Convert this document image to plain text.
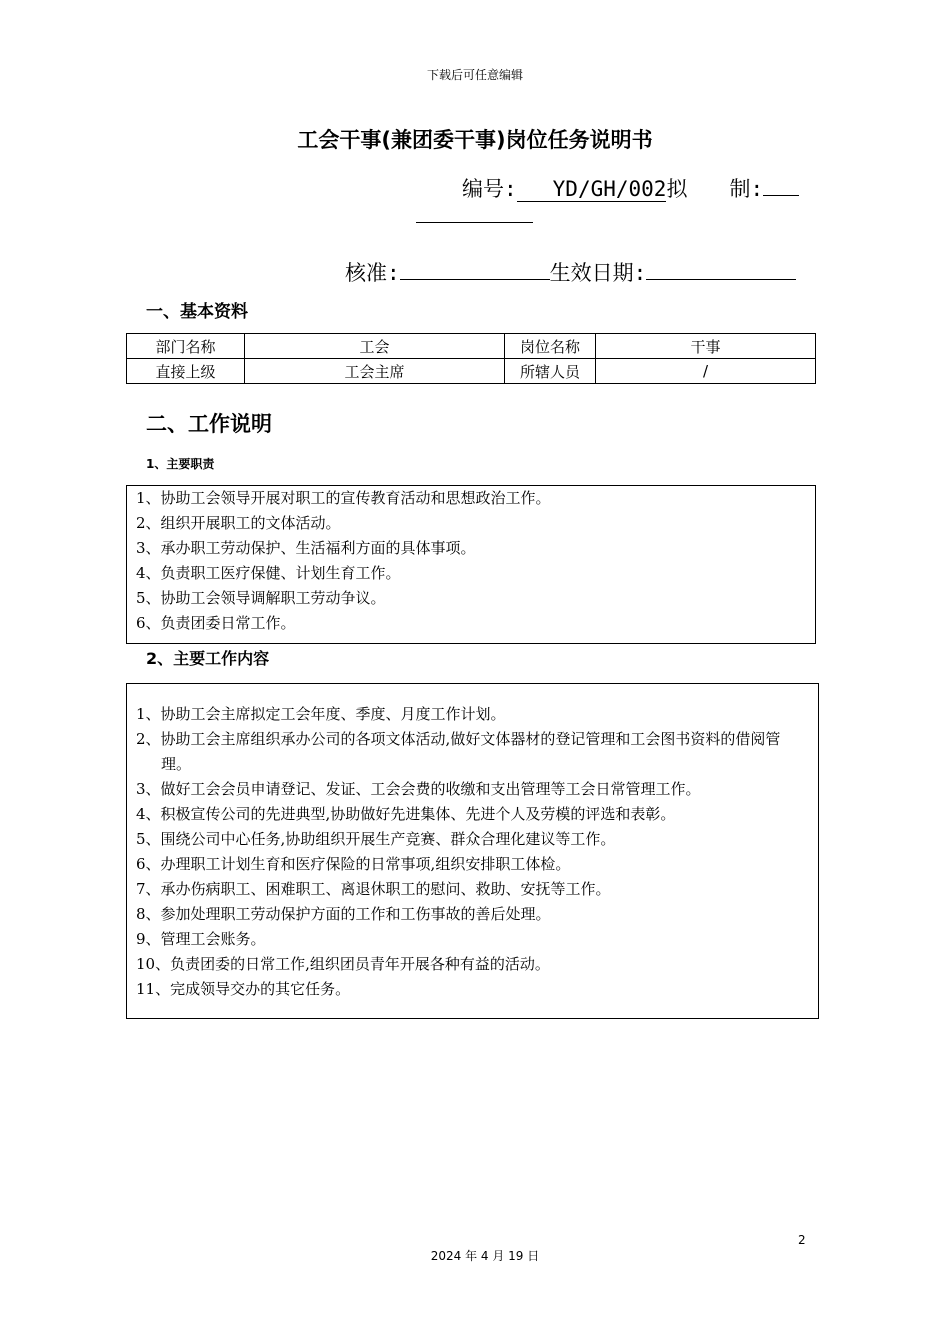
下载后可任意编辑
工会干事(兼团委干事)岗位任务说明书
编号: YD/GH/002拟　　制:
核准:	生效日期:
一、基本资料
部门名称	工会	岗位名称	干事
直接上级	工会主席	所辖人员	/
二、工作说明
1、主要职责
1、协助工会领导开展对职工的宣传教育活动和思想政治工作。
2、组织开展职工的文体活动。
3、承办职工劳动保护、生活福利方面的具体事项。
4、负责职工医疗保健、计划生育工作。
5、协助工会领导调解职工劳动争议。
6、负责团委日常工作。
2、主要工作内容
1、协助工会主席拟定工会年度、季度、月度工作计划。
2、协助工会主席组织承办公司的各项文体活动,做好文体器材的登记管理和工会图书资料的借阅管理。
3、做好工会会员申请登记、发证、工会会费的收缴和支出管理等工会日常管理工作。
4、积极宣传公司的先进典型,协助做好先进集体、先进个人及劳模的评选和表彰。
5、围绕公司中心任务,协助组织开展生产竞赛、群众合理化建议等工作。
6、办理职工计划生育和医疗保险的日常事项,组织安排职工体检。
7、承办伤病职工、困难职工、离退休职工的慰问、救助、安抚等工作。
8、参加处理职工劳动保护方面的工作和工伤事故的善后处理。
9、管理工会账务。
10、负责团委的日常工作,组织团员青年开展各种有益的活动。
11、完成领导交办的其它任务。
2
2024 年 4 月 19 日
